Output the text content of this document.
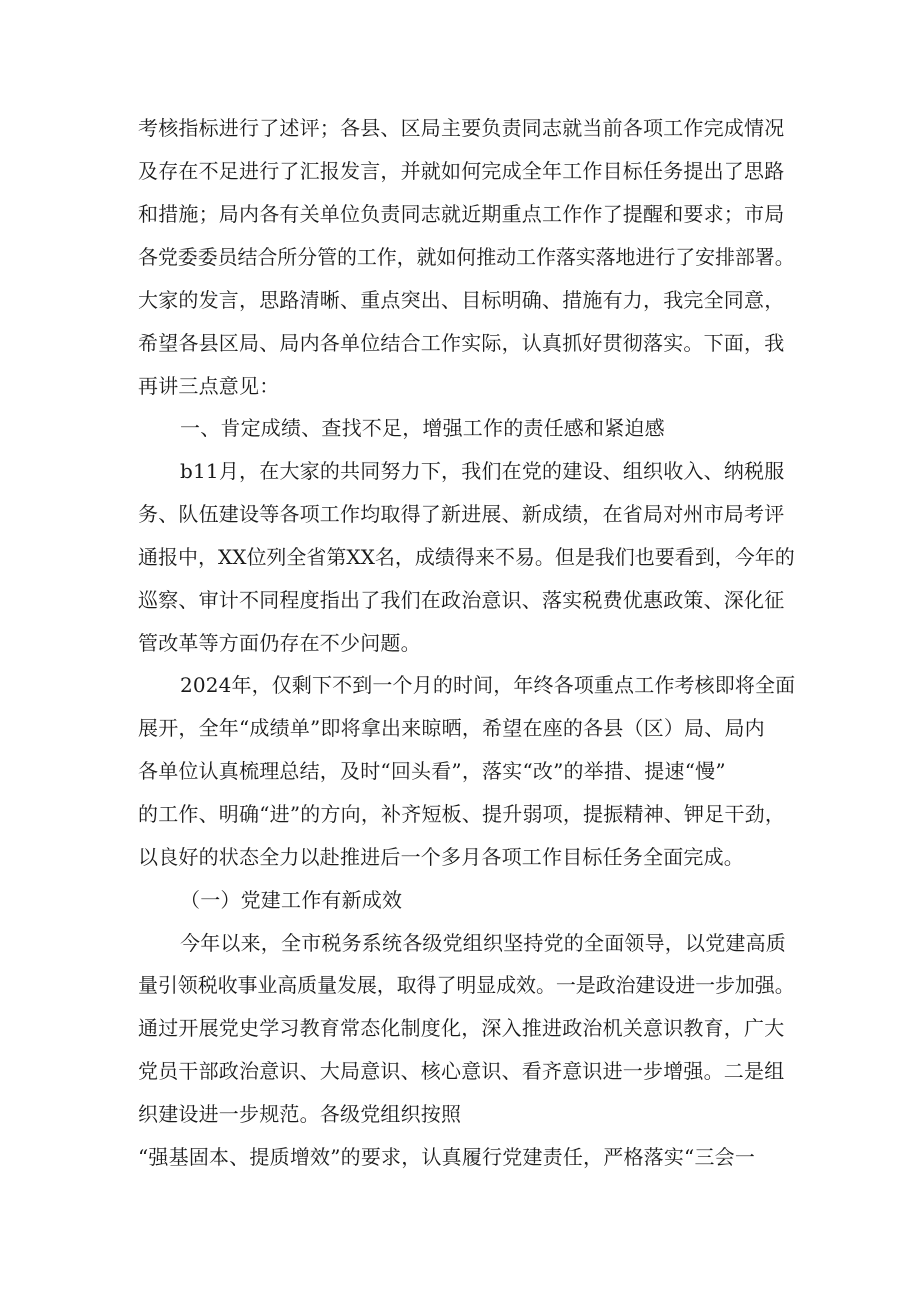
考核指标进行了述评；各县、区局主要负责同志就当前各项工作完成情况
及存在不足进行了汇报发言，并就如何完成全年工作目标任务提出了思路
和措施；局内各有关单位负责同志就近期重点工作作了提醒和要求；市局
各党委委员结合所分管的工作，就如何推动工作落实落地进行了安排部署。
大家的发言，思路清晰、重点突出、目标明确、措施有力，我完全同意，
希望各县区局、局内各单位结合工作实际，认真抓好贯彻落实。下面，我
再讲三点意见：
一、肯定成绩、查找不足，增强工作的责任感和紧迫感
b11月，在大家的共同努力下，我们在党的建设、组织收入、纳税服
务、队伍建设等各项工作均取得了新进展、新成绩，在省局对州市局考评
通报中，XX位列全省第XX名，成绩得来不易。但是我们也要看到，今年的
巡察、审计不同程度指出了我们在政治意识、落实税费优惠政策、深化征
管改革等方面仍存在不少问题。
2024年，仅剩下不到一个月的时间，年终各项重点工作考核即将全面
展开，全年“成绩单”即将拿出来晾晒，希望在座的各县（区）局、局内
各单位认真梳理总结，及时“回头看”，落实“改”的举措、提速“慢”
的工作、明确“进”的方向，补齐短板、提升弱项，提振精神、钾足干劲，
以良好的状态全力以赴推进后一个多月各项工作目标任务全面完成。
（一）党建工作有新成效
今年以来，全市税务系统各级党组织坚持党的全面领导，以党建高质
量引领税收事业高质量发展，取得了明显成效。一是政治建设进一步加强。
通过开展党史学习教育常态化制度化，深入推进政治机关意识教育，广大
党员干部政治意识、大局意识、核心意识、看齐意识进一步增强。二是组
织建设进一步规范。各级党组织按照
“强基固本、提质增效”的要求，认真履行党建责任，严格落实“三会一
